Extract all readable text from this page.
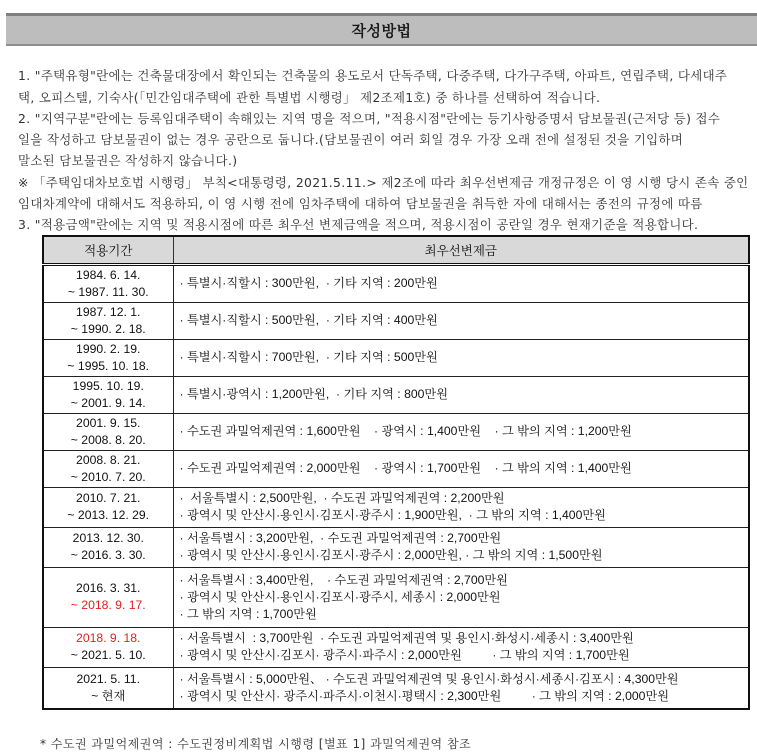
작성방법
1. "주택유형"란에는 건축물대장에서 확인되는 건축물의 용도로서 단독주택, 다중주택, 다가구주택, 아파트, 연립주택, 다세대주
택, 오피스텔, 기숙사(「민간임대주택에 관한 특별법 시행령」 제2조제1호) 중 하나를 선택하여 적습니다.
2. "지역구분"란에는 등록임대주택이 속해있는 지역 명을 적으며, "적용시점"란에는 등기사항증명서 담보물권(근저당 등) 접수
일을 작성하고 담보물권이 없는 경우 공란으로 둡니다.(담보물권이 여러 회일 경우 가장 오래 전에 설정된 것을 기입하며
말소된 담보물권은 작성하지 않습니다.)
※ 「주택임대차보호법 시행령」 부칙<대통령령, 2021.5.11.> 제2조에 따라 최우선변제금 개정규정은 이 영 시행 당시 존속 중인
임대차계약에 대해서도 적용하되, 이 영 시행 전에 임차주택에 대하여 담보물권을 취득한 자에 대해서는 종전의 규정에 따름
3. "적용금액"란에는 지역 및 적용시점에 따른 최우선 변제금액을 적으며, 적용시점이 공란일 경우 현재기준을 적용합니다.
적용기간	최우선변제금

1984. 6. 14.
~ 1987. 11. 30.	· 특별시·직할시 : 300만원,  · 기타 지역 : 200만원

1987. 12. 1.
~ 1990. 2. 18.	· 특별시·직할시 : 500만원,  · 기타 지역 : 400만원

1990. 2. 19.
~ 1995. 10. 18.	· 특별시·직할시 : 700만원,  · 기타 지역 : 500만원

1995. 10. 19.
~ 2001. 9. 14.	· 특별시·광역시 : 1,200만원,  · 기타 지역 : 800만원

2001. 9. 15.
~ 2008. 8. 20.	· 수도권 과밀억제권역 : 1,600만원    · 광역시 : 1,400만원    · 그 밖의 지역 : 1,200만원

2008. 8. 21.
~ 2010. 7. 20.	· 수도권 과밀억제권역 : 2,000만원    · 광역시 : 1,700만원    · 그 밖의 지역 : 1,400만원

2010. 7. 21.
~ 2013. 12. 29.

·  서울특별시 : 2,500만원,  · 수도권 과밀억제권역 : 2,200만원
· 광역시 및 안산시·용인시·김포시·광주시 : 1,900만원,  · 그 밖의 지역 : 1,400만원

2013. 12. 30.
~ 2016. 3. 30.

· 서울특별시 : 3,200만원,  · 수도권 과밀억제권역 : 2,700만원
· 광역시 및 안산시·용인시·김포시·광주시 : 2,000만원, · 그 밖의 지역 : 1,500만원

2016. 3. 31.
~ 2018. 9. 17.

· 서울특별시 : 3,400만원,    · 수도권 과밀억제권역 : 2,700만원
· 광역시 및 안산시·용인시·김포시·광주시, 세종시 : 2,000만원
· 그 밖의 지역 : 1,700만원

2018. 9. 18.
~ 2021. 5. 10.

· 서울특별시  : 3,700만원  · 수도권 과밀억제권역 및 용인시·화성시·세종시 : 3,400만원
· 광역시 및 안산시·김포시· 광주시·파주시 : 2,000만원         · 그 밖의 지역 : 1,700만원

2021. 5. 11.
~ 현재

· 서울특별시 : 5,000만원、 · 수도권 과밀억제권역 및 용인시·화성시·세종시·김포시 : 4,300만원
· 광역시 및 안산시· 광주시·파주시·이천시·평택시 : 2,300만원         · 그 밖의 지역 : 2,000만원
* 수도권 과밀억제권역 : 수도권정비계획법 시행령 [별표 1] 과밀억제권역 참조
